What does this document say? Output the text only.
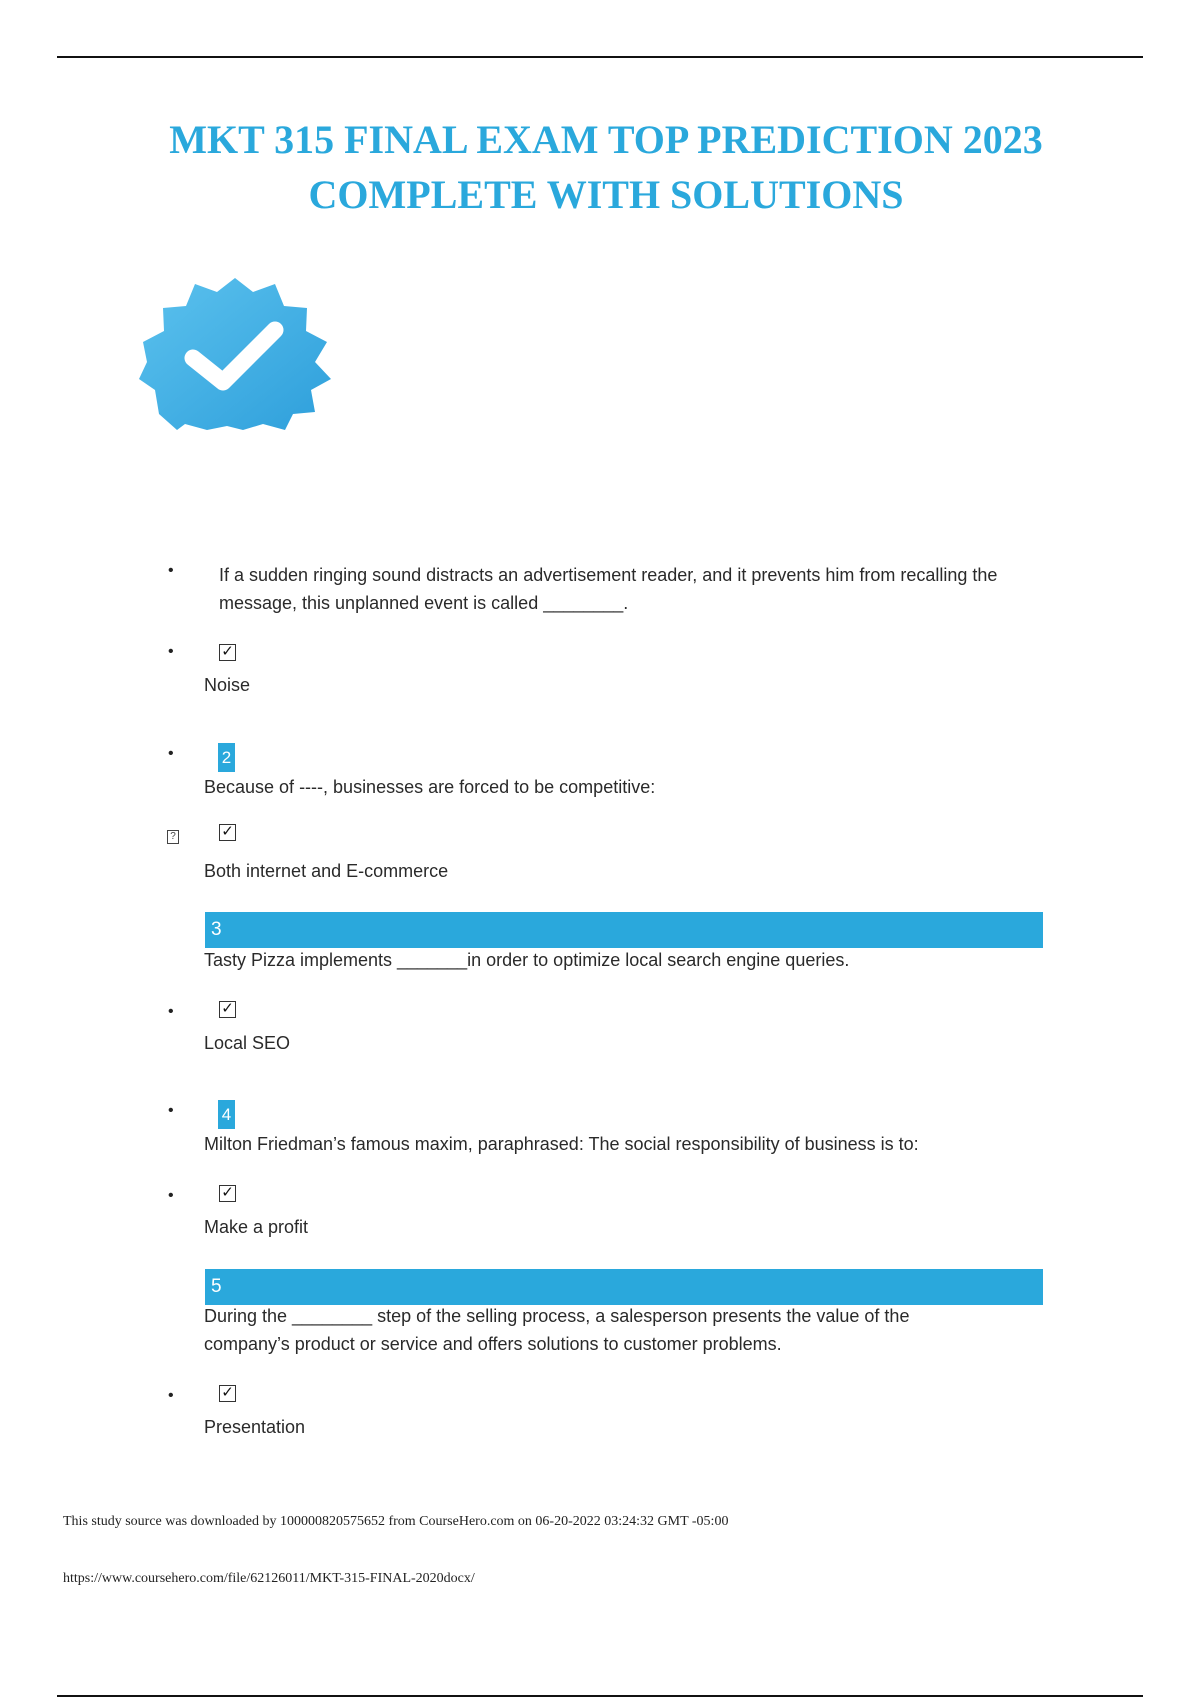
MKT 315 FINAL EXAM TOP PREDICTION 2023
COMPLETE WITH SOLUTIONS
•	If a sudden ringing sound distracts an advertisement reader, and it prevents him from recalling the message, this unplanned event is called ________.
•	✓
Noise
•	2
Because of ----, businesses are forced to be competitive:
?	✓
Both internet and E-commerce
3
Tasty Pizza implements _______in order to optimize local search engine queries.
•	✓
Local SEO
•	4
Milton Friedman’s famous maxim, paraphrased: The social responsibility of business is to:
•	✓
Make a profit
5
During the ________ step of the selling process, a salesperson presents the value of the company’s product or service and offers solutions to customer problems.
•	✓
Presentation
This study source was downloaded by 100000820575652 from CourseHero.com on 06-20-2022 03:24:32 GMT -05:00
https://www.coursehero.com/file/62126011/MKT-315-FINAL-2020docx/
